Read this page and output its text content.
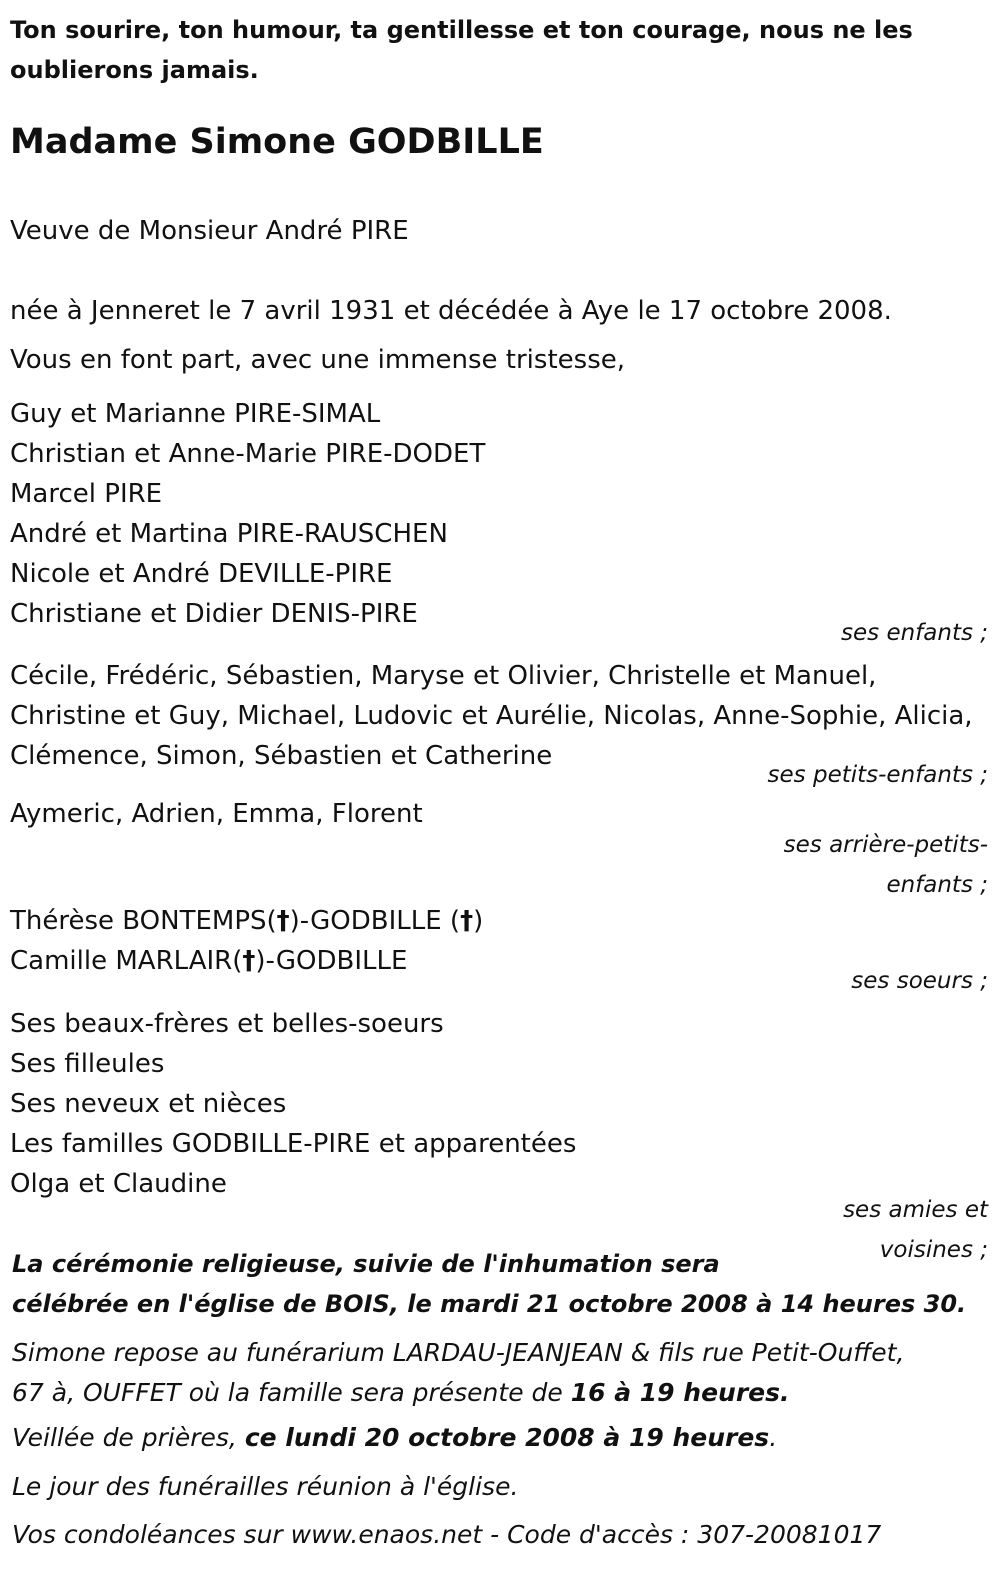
Ton sourire, ton humour, ta gentillesse et ton courage, nous ne les
oublierons jamais.
Madame Simone GODBILLE
Veuve de Monsieur André PIRE
née à Jenneret le 7 avril 1931 et décédée à Aye le 17 octobre 2008.
Vous en font part, avec une immense tristesse,
Guy et Marianne PIRE-SIMAL
Christian et Anne-Marie PIRE-DODET
Marcel PIRE
André et Martina PIRE-RAUSCHEN
Nicole et André DEVILLE-PIRE
Christiane et Didier DENIS-PIRE
ses enfants ;
Cécile, Frédéric, Sébastien, Maryse et Olivier, Christelle et Manuel,
Christine et Guy, Michael, Ludovic et Aurélie, Nicolas, Anne-Sophie, Alicia,
Clémence, Simon, Sébastien et Catherine
ses petits-enfants ;
Aymeric, Adrien, Emma, Florent
ses arrière-petits-
enfants ;
Thérèse BONTEMPS(†)-GODBILLE (†)
Camille MARLAIR(†)-GODBILLE
ses soeurs ;
Ses beaux-frères et belles-soeurs
Ses filleules
Ses neveux et nièces
Les familles GODBILLE-PIRE et apparentées
Olga et Claudine
ses amies et
voisines ;
La cérémonie religieuse, suivie de l'inhumation sera
célébrée en l'église de BOIS, le mardi 21 octobre 2008 à 14 heures 30.
Simone repose au funérarium LARDAU-JEANJEAN & fils rue Petit-Ouffet,
67 à, OUFFET où la famille sera présente de 16 à 19 heures.
Veillée de prières, ce lundi 20 octobre 2008 à 19 heures.
Le jour des funérailles réunion à l'église.
Vos condoléances sur www.enaos.net - Code d'accès : 307-20081017
